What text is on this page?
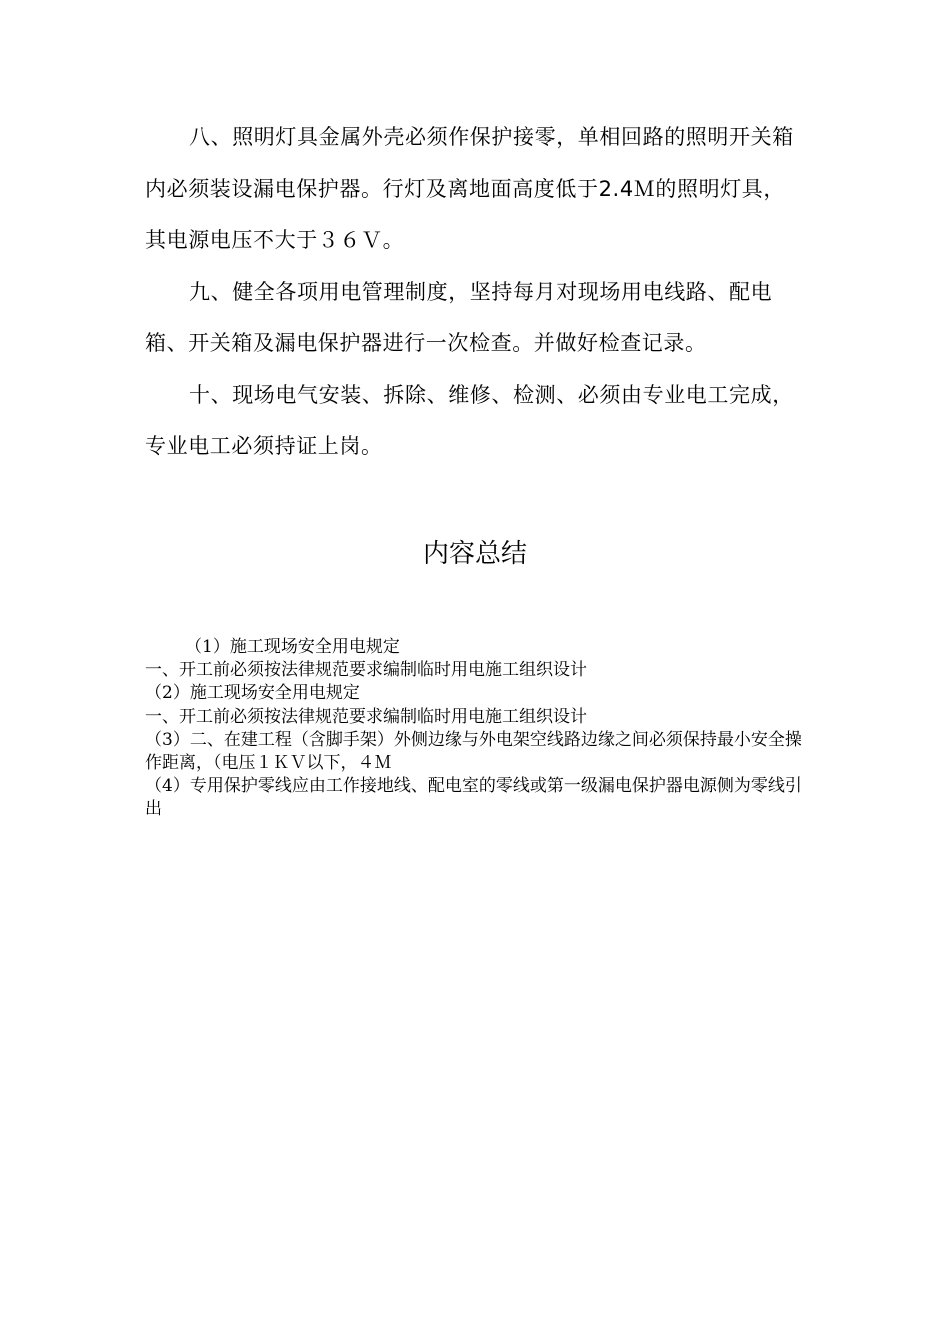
八、照明灯具金属外壳必须作保护接零，单相回路的照明开关箱内必须装设漏电保护器。行灯及离地面高度低于2.4Ｍ的照明灯具，其电源电压不大于３６Ｖ。

九、健全各项用电管理制度，坚持每月对现场用电线路、配电箱、开关箱及漏电保护器进行一次检查。并做好检查记录。

十、现场电气安装、拆除、维修、检测、必须由专业电工完成，专业电工必须持证上岗。

内容总结
（1）施工现场安全用电规定
一、开工前必须按法律规范要求编制临时用电施工组织设计
（2）施工现场安全用电规定
一、开工前必须按法律规范要求编制临时用电施工组织设计
（3）二、在建工程（含脚手架）外侧边缘与外电架空线路边缘之间必须保持最小安全操作距离，（电压１ＫＶ以下，４Ｍ
（4）专用保护零线应由工作接地线、配电室的零线或第一级漏电保护器电源侧为零线引出
